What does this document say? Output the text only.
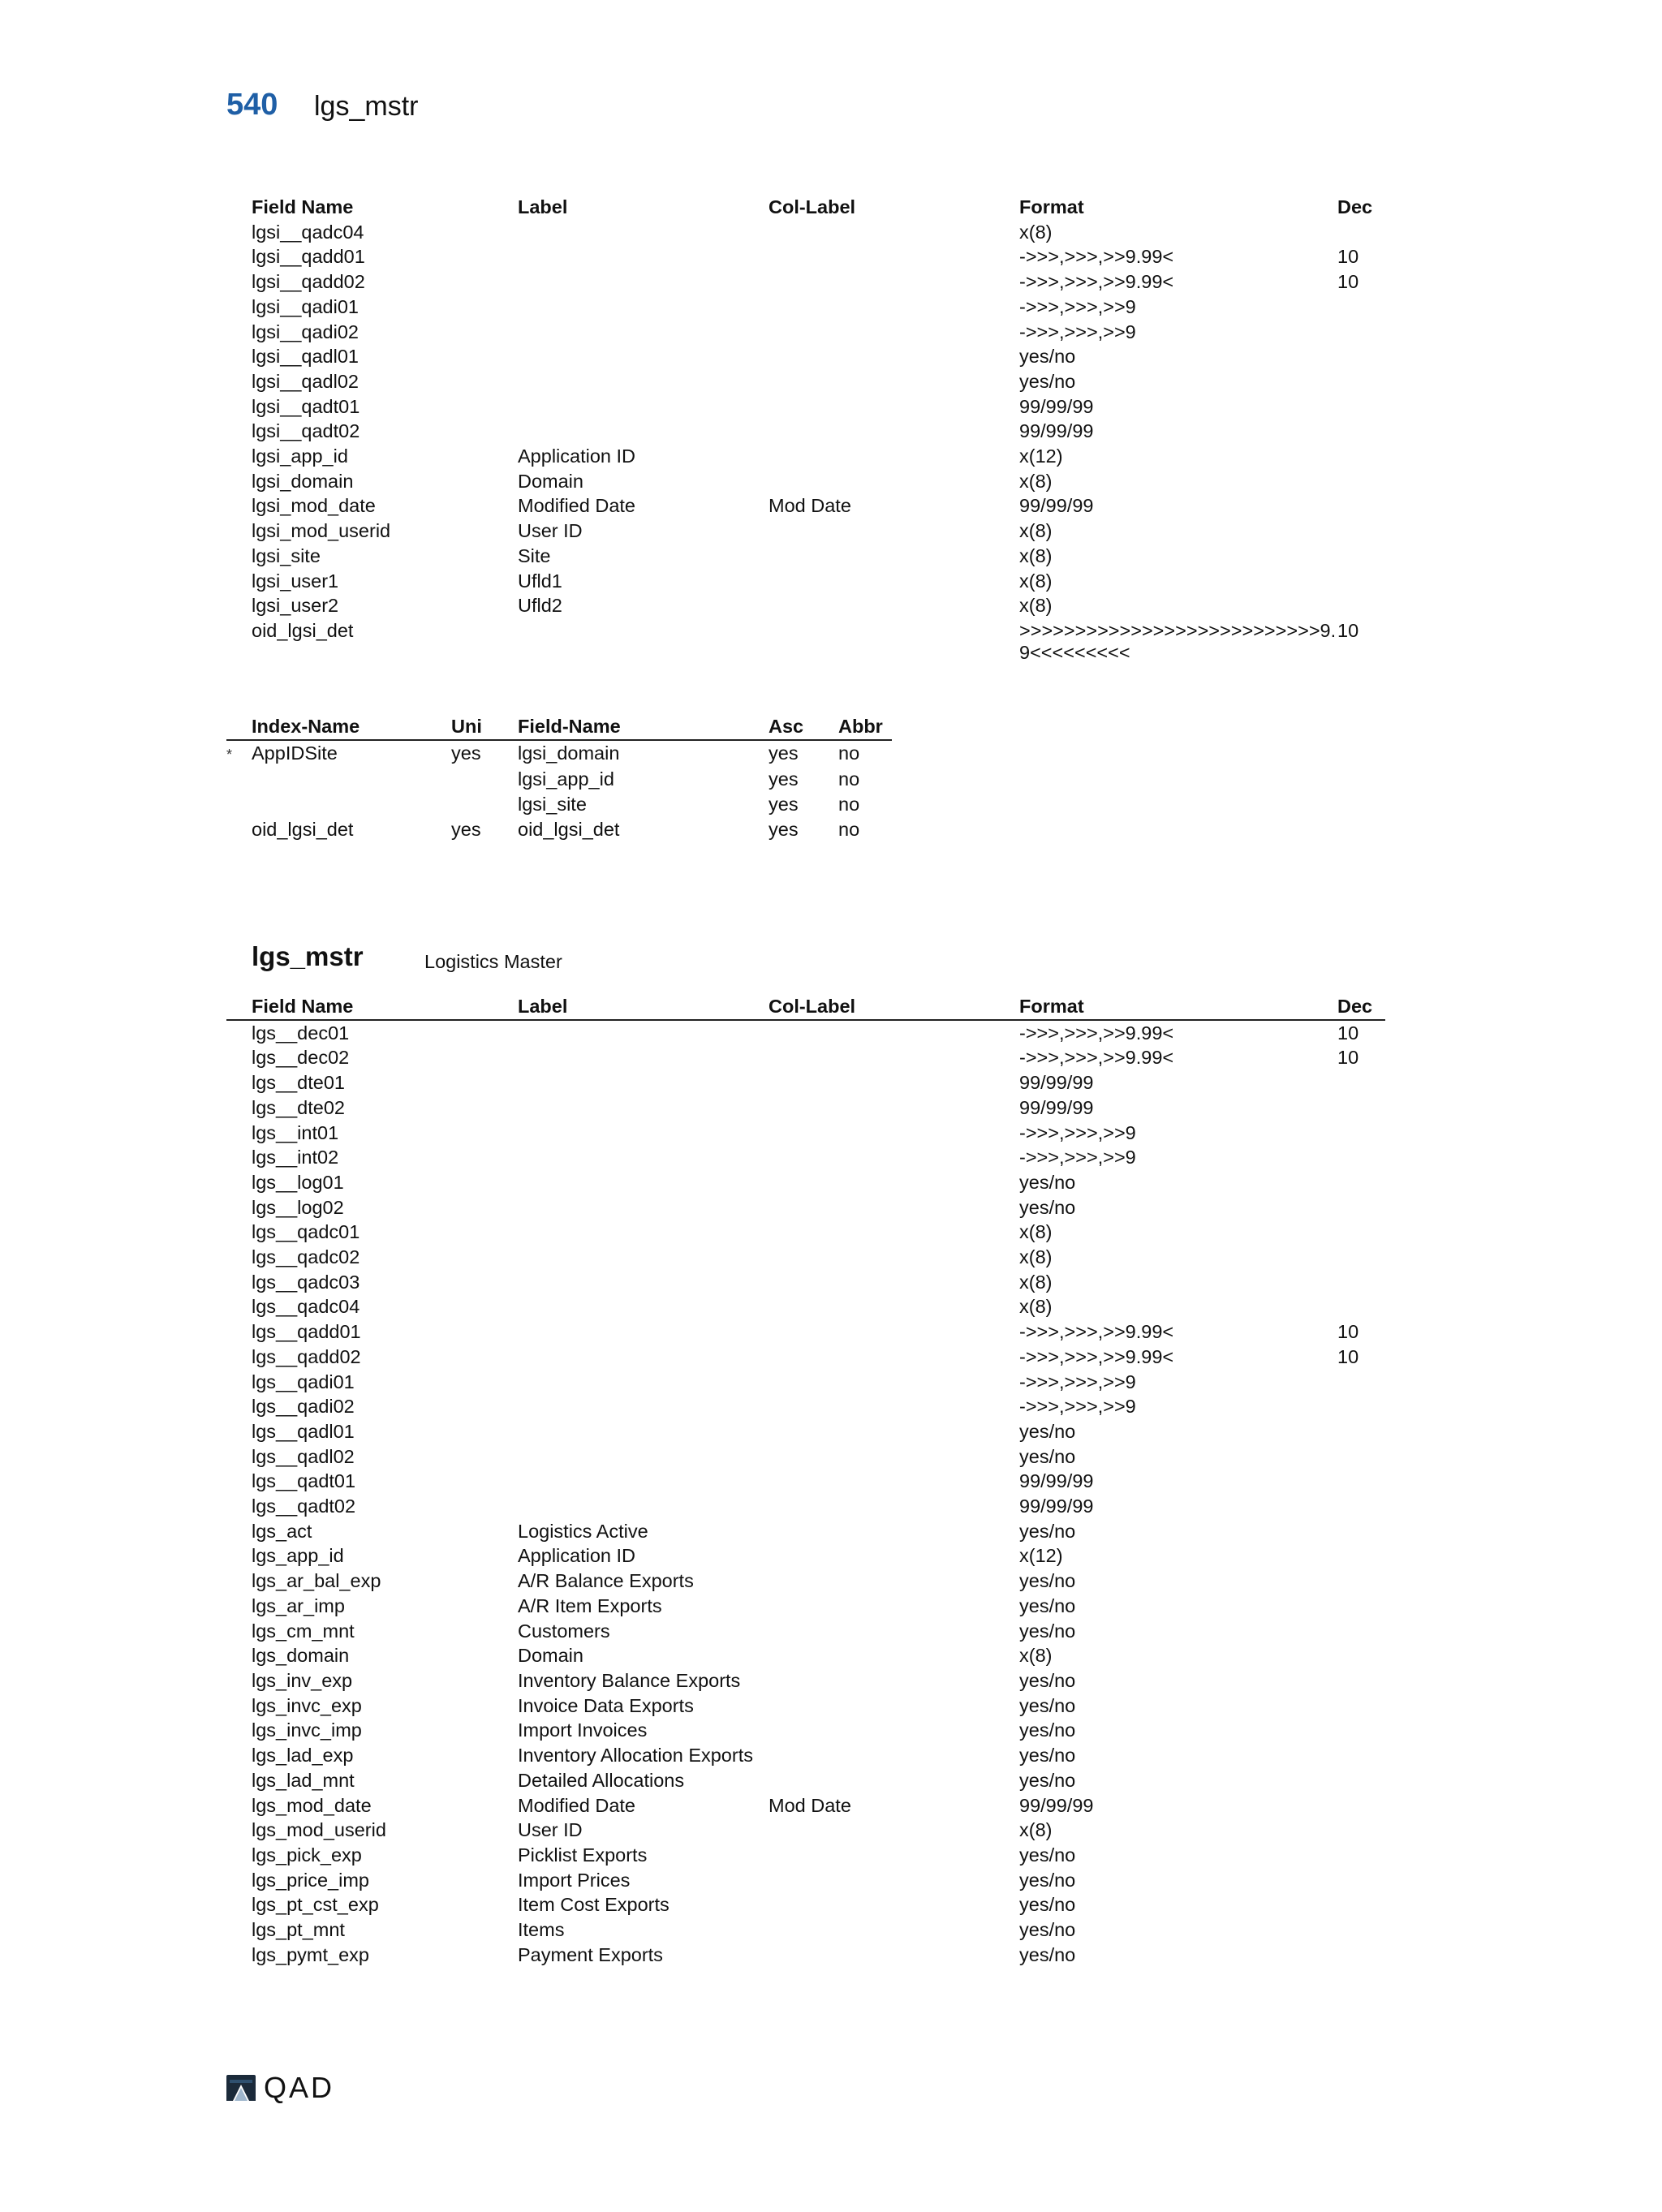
540 lgs_mstr
	Field Name	Label	Col-Label	Format	Dec
	lgsi__qadc04			x(8)	
	lgsi__qadd01			->>>,>>>,>>9.99<	10
	lgsi__qadd02			->>>,>>>,>>9.99<	10
	lgsi__qadi01			->>>,>>>,>>9	
	lgsi__qadi02			->>>,>>>,>>9	
	lgsi__qadl01			yes/no	
	lgsi__qadl02			yes/no	
	lgsi__qadt01			99/99/99	
	lgsi__qadt02			99/99/99	
	lgsi_app_id	Application ID		x(12)	
	lgsi_domain	Domain		x(8)	
	lgsi_mod_date	Modified Date	Mod Date	99/99/99	
	lgsi_mod_userid	User ID		x(8)	
	lgsi_site	Site		x(8)	
	lgsi_user1	Ufld1		x(8)	
	lgsi_user2	Ufld2		x(8)	
	oid_lgsi_det			>>>>>>>>>>>>>>>>>>>>>>>>>>>9.9<<<<<<<<<	10
	Index-Name	Uni	Field-Name	Asc	Abbr
*	AppIDSite	yes	lgsi_domain	yes	no
			lgsi_app_id	yes	no
			lgsi_site	yes	no
	oid_lgsi_det	yes	oid_lgsi_det	yes	no
lgs_mstr	Logistics Master
	Field Name	Label	Col-Label	Format	Dec
	lgs__dec01			->>>,>>>,>>9.99<	10
	lgs__dec02			->>>,>>>,>>9.99<	10
	lgs__dte01			99/99/99	
	lgs__dte02			99/99/99	
	lgs__int01			->>>,>>>,>>9	
	lgs__int02			->>>,>>>,>>9	
	lgs__log01			yes/no	
	lgs__log02			yes/no	
	lgs__qadc01			x(8)	
	lgs__qadc02			x(8)	
	lgs__qadc03			x(8)	
	lgs__qadc04			x(8)	
	lgs__qadd01			->>>,>>>,>>9.99<	10
	lgs__qadd02			->>>,>>>,>>9.99<	10
	lgs__qadi01			->>>,>>>,>>9	
	lgs__qadi02			->>>,>>>,>>9	
	lgs__qadl01			yes/no	
	lgs__qadl02			yes/no	
	lgs__qadt01			99/99/99	
	lgs__qadt02			99/99/99	
	lgs_act	Logistics Active		yes/no	
	lgs_app_id	Application ID		x(12)	
	lgs_ar_bal_exp	A/R Balance Exports		yes/no	
	lgs_ar_imp	A/R Item Exports		yes/no	
	lgs_cm_mnt	Customers		yes/no	
	lgs_domain	Domain		x(8)	
	lgs_inv_exp	Inventory Balance Exports		yes/no	
	lgs_invc_exp	Invoice Data Exports		yes/no	
	lgs_invc_imp	Import Invoices		yes/no	
	lgs_lad_exp	Inventory Allocation Exports		yes/no	
	lgs_lad_mnt	Detailed Allocations		yes/no	
	lgs_mod_date	Modified Date	Mod Date	99/99/99	
	lgs_mod_userid	User ID		x(8)	
	lgs_pick_exp	Picklist Exports		yes/no	
	lgs_price_imp	Import Prices		yes/no	
	lgs_pt_cst_exp	Item Cost Exports		yes/no	
	lgs_pt_mnt	Items		yes/no	
	lgs_pymt_exp	Payment Exports		yes/no	
QAD
